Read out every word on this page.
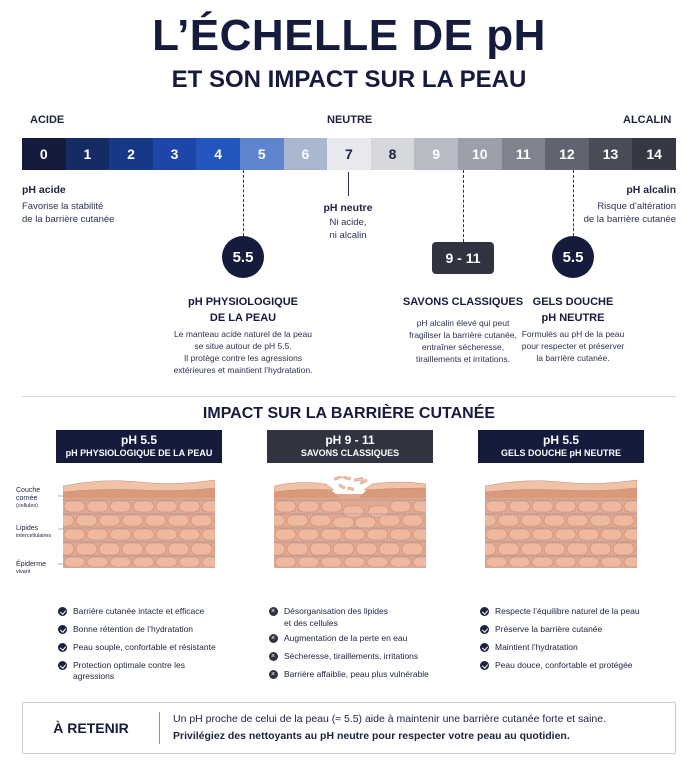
L’ÉCHELLE DE pH
ET SON IMPACT SUR LA PEAU
ACIDE	NEUTRE	ALCALIN
0	1	2	3	4	5	6	7	8	9	10	11	12	13	14
pH acide
Favorise la stabilité
de la barrière cutanée
pH neutre
Ni acide,
ni alcalin
pH alcalin
Risque d’altération
de la barrière cutanée
5.5	9 - 11	5.5
pH PHYSIOLOGIQUE
DE LA PEAU
Le manteau acide naturel de la peau
se situe autour de pH 5.5.
Il protège contre les agressions
extérieures et maintient l’hydratation.
SAVONS CLASSIQUES
pH alcalin élevé qui peut
fragiliser la barrière cutanée,
entraîner sécheresse,
tiraillements et irritations.
GELS DOUCHE
pH NEUTRE
Formulés au pH de la peau
pour respecter et préserver
la barrière cutanée.
IMPACT SUR LA BARRIÈRE CUTANÉE
Couche
cornée
(cellules)
Lipides
intercellulaires
Épiderme
vivant
pH 5.5
pH PHYSIOLOGIQUE DE LA PEAU
Barrière cutanée intacte et efficace
Bonne rétention de l’hydratation
Peau souple, confortable et résistante
Protection optimale contre les agressions
pH 9 - 11
SAVONS CLASSIQUES
×
Désorganisation des lipides
et des cellules
×
Augmentation de la perte en eau
×
Sécheresse, tiraillements, irritations
×
Barrière affaiblie, peau plus vulnérable
pH 5.5
GELS DOUCHE pH NEUTRE
Respecte l’équilibre naturel de la peau
Préserve la barrière cutanée
Maintient l’hydratation
Peau douce, confortable et protégée
À RETENIR
Un pH proche de celui de la peau (≈ 5.5) aide à maintenir une barrière cutanée forte et saine.
Privilégiez des nettoyants au pH neutre pour respecter votre peau au quotidien.
